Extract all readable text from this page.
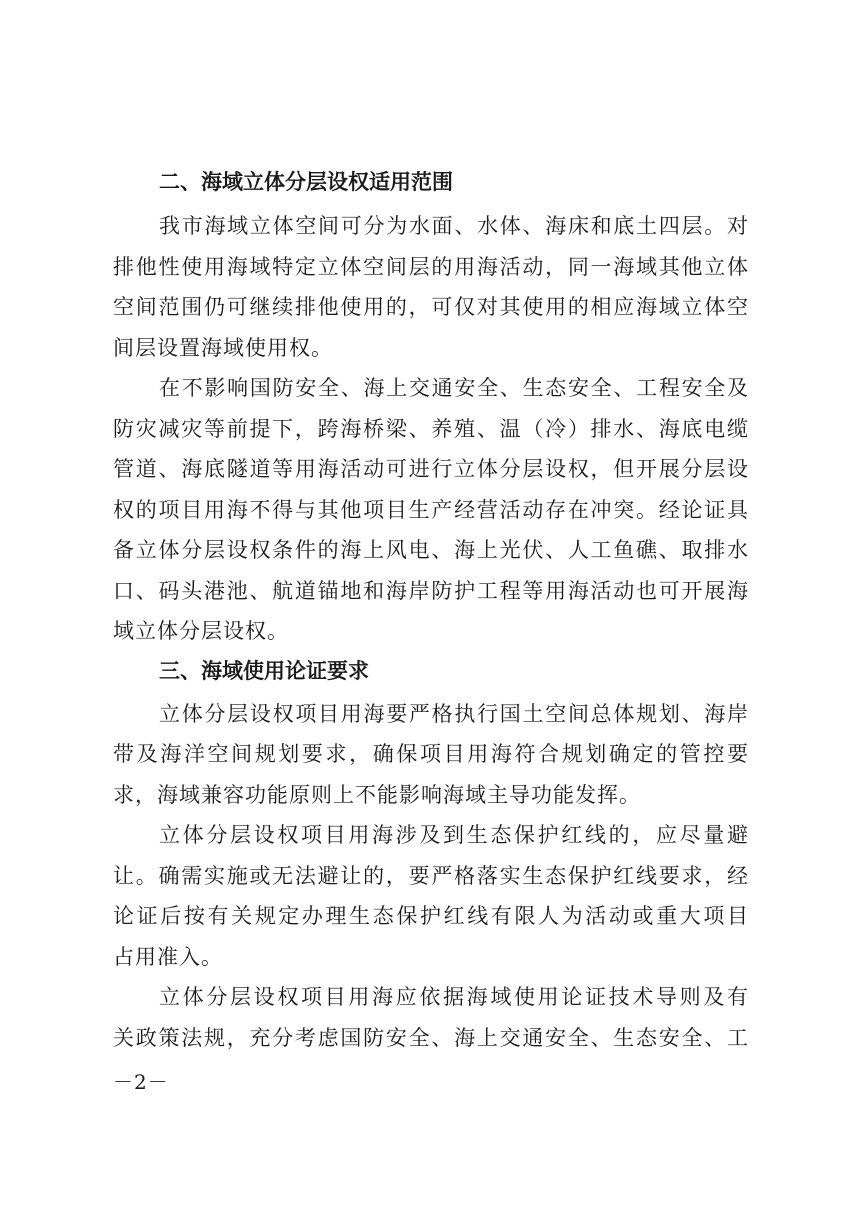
二、海域立体分层设权适用范围

我市海域立体空间可分为水面、水体、海床和底土四层。对
排他性使用海域特定立体空间层的用海活动，同一海域其他立体
空间范围仍可继续排他使用的，可仅对其使用的相应海域立体空
间层设置海域使用权。

在不影响国防安全、海上交通安全、生态安全、工程安全及
防灾减灾等前提下，跨海桥梁、养殖、温（冷）排水、海底电缆
管道、海底隧道等用海活动可进行立体分层设权，但开展分层设
权的项目用海不得与其他项目生产经营活动存在冲突。经论证具
备立体分层设权条件的海上风电、海上光伏、人工鱼礁、取排水
口、码头港池、航道锚地和海岸防护工程等用海活动也可开展海
域立体分层设权。

三、海域使用论证要求

立体分层设权项目用海要严格执行国土空间总体规划、海岸
带及海洋空间规划要求，确保项目用海符合规划确定的管控要
求，海域兼容功能原则上不能影响海域主导功能发挥。

立体分层设权项目用海涉及到生态保护红线的，应尽量避
让。确需实施或无法避让的，要严格落实生态保护红线要求，经
论证后按有关规定办理生态保护红线有限人为活动或重大项目
占用准入。

立体分层设权项目用海应依据海域使用论证技术导则及有
关政策法规，充分考虑国防安全、海上交通安全、生态安全、工

－2－
